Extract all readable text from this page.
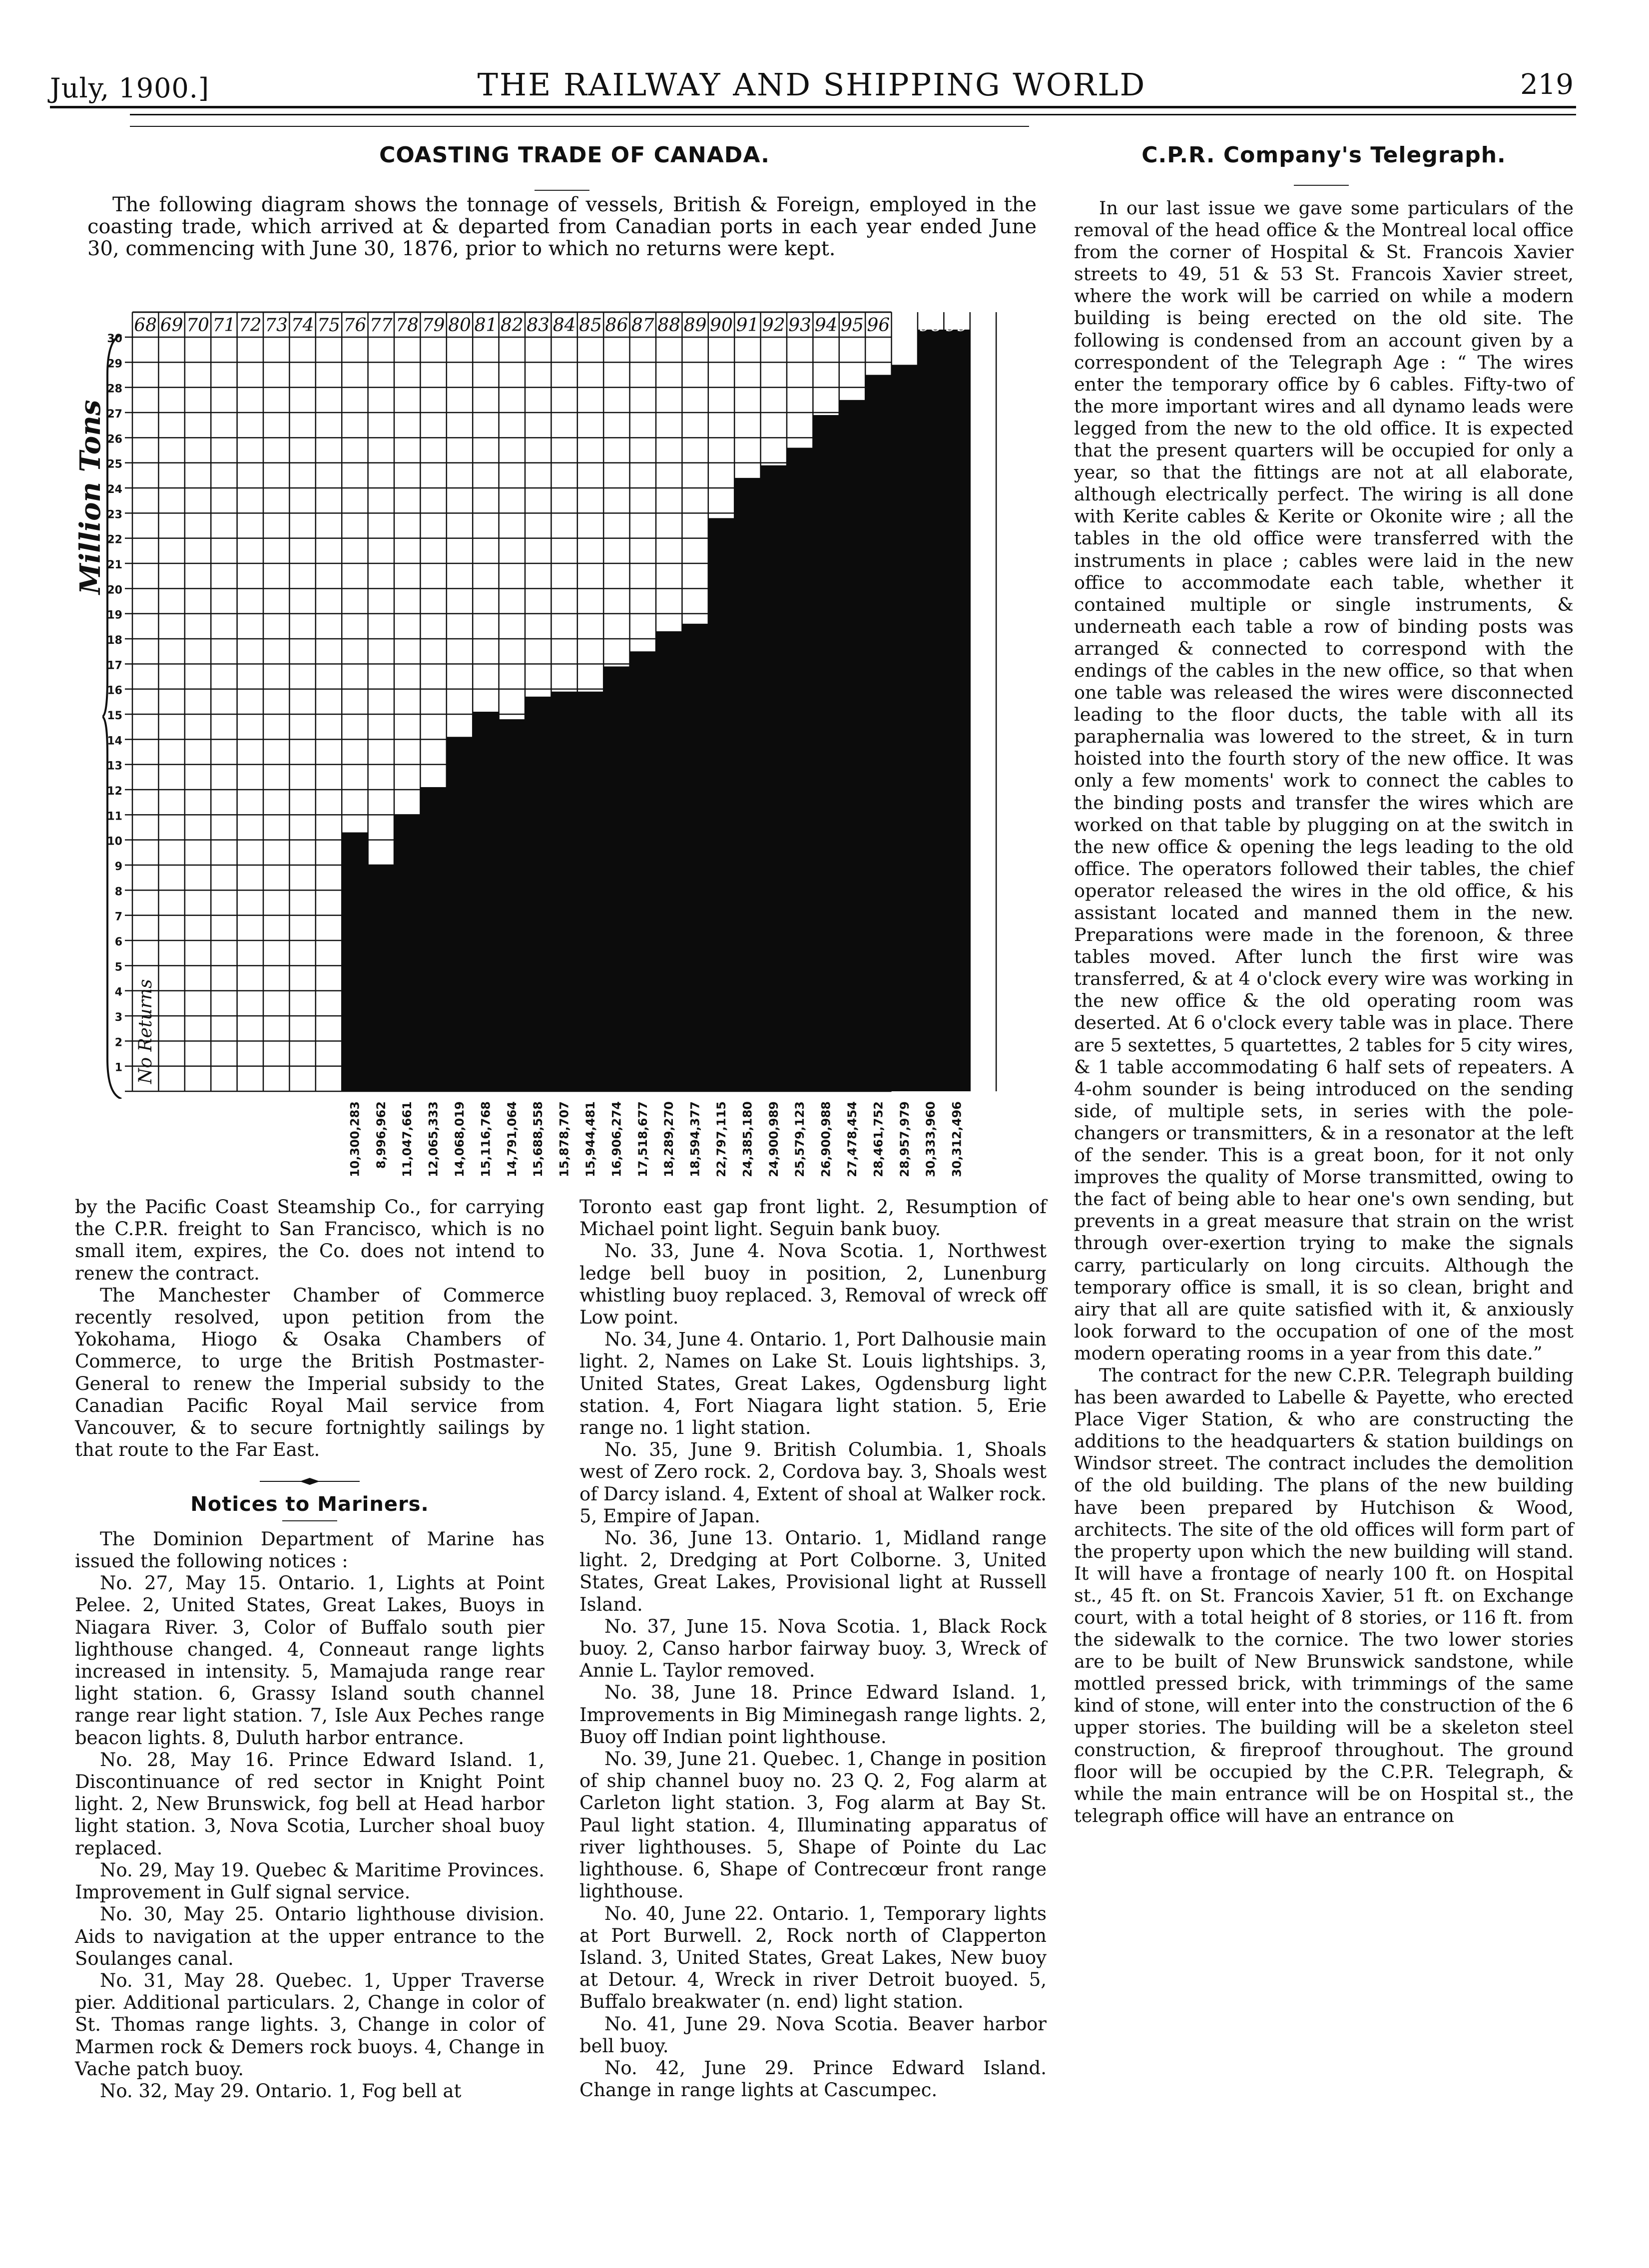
July, 1900.]	THE RAILWAY AND SHIPPING WORLD	219
COASTING TRADE OF CANADA.

The following diagram shows the tonnage of vessels, British & Foreign, employed in the coasting trade, which arrived at & departed from Canadian ports in each year ended June 30, commencing with June 30, 1876, prior to which no returns were kept.

68 69 70 71 72 73 74 75 76 77 78 79 80 81 82 83 84 85 86 87 88 89 90 91 92 93 94 95 96 97 98 99 00
1
2
3
4
5
6
7
8
9
10
11
12
13
14
15
16
17
18
19
20
21
22
23
24
25
26
27
28
29
30
No Returns
10,300,283 8,996,962 11,047,661 12,065,333 14,068,019 15,116,768 14,791,064 15,688,558 15,878,707 15,944,481 16,906,274 17,518,677 18,289,270 18,594,377 22,797,115 24,385,180 24,900,989 25,579,123 26,900,988 27,478,454 28,461,752 28,957,979 30,333,960 30,312,496
Million Tons

by the Pacific Coast Steamship Co., for carrying the C.P.R. freight to San Francisco, which is no small item, expires, the Co. does not intend to renew the contract.

The Manchester Chamber of Commerce recently resolved, upon petition from the Yokohama, Hiogo & Osaka Chambers of Commerce, to urge the British Postmaster-General to renew the Imperial subsidy to the Canadian Pacific Royal Mail service from Vancouver, & to secure fortnightly sailings by that route to the Far East.

Notices to Mariners.

The Dominion Department of Marine has issued the following notices :

No. 27, May 15. Ontario. 1, Lights at Point Pelee. 2, United States, Great Lakes, Buoys in Niagara River. 3, Color of Buffalo south pier lighthouse changed. 4, Conneaut range lights increased in intensity. 5, Mamajuda range rear light station. 6, Grassy Island south channel range rear light station. 7, Isle Aux Peches range beacon lights. 8, Duluth harbor entrance.

No. 28, May 16. Prince Edward Island. 1, Discontinuance of red sector in Knight Point light. 2, New Brunswick, fog bell at Head harbor light station. 3, Nova Scotia, Lurcher shoal buoy replaced.

No. 29, May 19. Quebec & Maritime Provinces. Improvement in Gulf signal service.

No. 30, May 25. Ontario lighthouse division. Aids to navigation at the upper entrance to the Soulanges canal.

No. 31, May 28. Quebec. 1, Upper Traverse pier. Additional particulars. 2, Change in color of St. Thomas range lights. 3, Change in color of Marmen rock & Demers rock buoys. 4, Change in Vache patch buoy.

No. 32, May 29. Ontario. 1, Fog bell at

Toronto east gap front light. 2, Resumption of Michael point light. Seguin bank buoy.

No. 33, June 4. Nova Scotia. 1, Northwest ledge bell buoy in position, 2, Lunenburg whistling buoy replaced. 3, Removal of wreck off Low point.

No. 34, June 4. Ontario. 1, Port Dalhousie main light. 2, Names on Lake St. Louis lightships. 3, United States, Great Lakes, Ogdensburg light station. 4, Fort Niagara light station. 5, Erie range no. 1 light station.

No. 35, June 9. British Columbia. 1, Shoals west of Zero rock. 2, Cordova bay. 3, Shoals west of Darcy island. 4, Extent of shoal at Walker rock. 5, Empire of Japan.

No. 36, June 13. Ontario. 1, Midland range light. 2, Dredging at Port Colborne. 3, United States, Great Lakes, Provisional light at Russell Island.

No. 37, June 15. Nova Scotia. 1, Black Rock buoy. 2, Canso harbor fairway buoy. 3, Wreck of Annie L. Taylor removed.

No. 38, June 18. Prince Edward Island. 1, Improvements in Big Miminegash range lights. 2, Buoy off Indian point lighthouse.

No. 39, June 21. Quebec. 1, Change in position of ship channel buoy no. 23 Q. 2, Fog alarm at Carleton light station. 3, Fog alarm at Bay St. Paul light station. 4, Illuminating apparatus of river lighthouses. 5, Shape of Pointe du Lac lighthouse. 6, Shape of Contrecœur front range lighthouse.

No. 40, June 22. Ontario. 1, Temporary lights at Port Burwell. 2, Rock north of Clapperton Island. 3, United States, Great Lakes, New buoy at Detour. 4, Wreck in river Detroit buoyed. 5, Buffalo breakwater (n. end) light station.

No. 41, June 29. Nova Scotia. Beaver harbor bell buoy.

No. 42, June 29. Prince Edward Island. Change in range lights at Cascumpec.

C.P.R. Company's Telegraph.

In our last issue we gave some particulars of the removal of the head office & the Montreal local office from the corner of Hospital & St. Francois Xavier streets to 49, 51 & 53 St. Francois Xavier street, where the work will be carried on while a modern building is being erected on the old site. The following is condensed from an account given by a correspondent of the Telegraph Age : “ The wires enter the temporary office by 6 cables. Fifty-two of the more important wires and all dynamo leads were legged from the new to the old office. It is expected that the present quarters will be occupied for only a year, so that the fittings are not at all elaborate, although electrically perfect. The wiring is all done with Kerite cables & Kerite or Okonite wire ; all the tables in the old office were transferred with the instruments in place ; cables were laid in the new office to accommodate each table, whether it contained multiple or single instruments, & underneath each table a row of binding posts was arranged & connected to correspond with the endings of the cables in the new office, so that when one table was released the wires were disconnected leading to the floor ducts, the table with all its paraphernalia was lowered to the street, & in turn hoisted into the fourth story of the new office. It was only a few moments' work to connect the cables to the binding posts and transfer the wires which are worked on that table by plugging on at the switch in the new office & opening the legs leading to the old office. The operators followed their tables, the chief operator released the wires in the old office, & his assistant located and manned them in the new. Preparations were made in the forenoon, & three tables moved. After lunch the first wire was transferred, & at 4 o'clock every wire was working in the new office & the old operating room was deserted. At 6 o'clock every table was in place. There are 5 sextettes, 5 quartettes, 2 tables for 5 city wires, & 1 table accommodating 6 half sets of repeaters. A 4-ohm sounder is being introduced on the sending side, of multiple sets, in series with the pole-changers or transmitters, & in a resonator at the left of the sender. This is a great boon, for it not only improves the quality of Morse transmitted, owing to the fact of being able to hear one's own sending, but prevents in a great measure that strain on the wrist through over-exertion trying to make the signals carry, particularly on long circuits. Although the temporary office is small, it is so clean, bright and airy that all are quite satisfied with it, & anxiously look forward to the occupation of one of the most modern operating rooms in a year from this date.”

The contract for the new C.P.R. Telegraph building has been awarded to Labelle & Payette, who erected Place Viger Station, & who are constructing the additions to the headquarters & station buildings on Windsor street. The contract includes the demolition of the old building. The plans of the new building have been prepared by Hutchison & Wood, architects. The site of the old offices will form part of the property upon which the new building will stand. It will have a frontage of nearly 100 ft. on Hospital st., 45 ft. on St. Francois Xavier, 51 ft. on Exchange court, with a total height of 8 stories, or 116 ft. from the sidewalk to the cornice. The two lower stories are to be built of New Brunswick sandstone, while mottled pressed brick, with trimmings of the same kind of stone, will enter into the construction of the 6 upper stories. The building will be a skeleton steel construction, & fireproof throughout. The ground floor will be occupied by the C.P.R. Telegraph, & while the main entrance will be on Hospital st., the telegraph office will have an entrance on
